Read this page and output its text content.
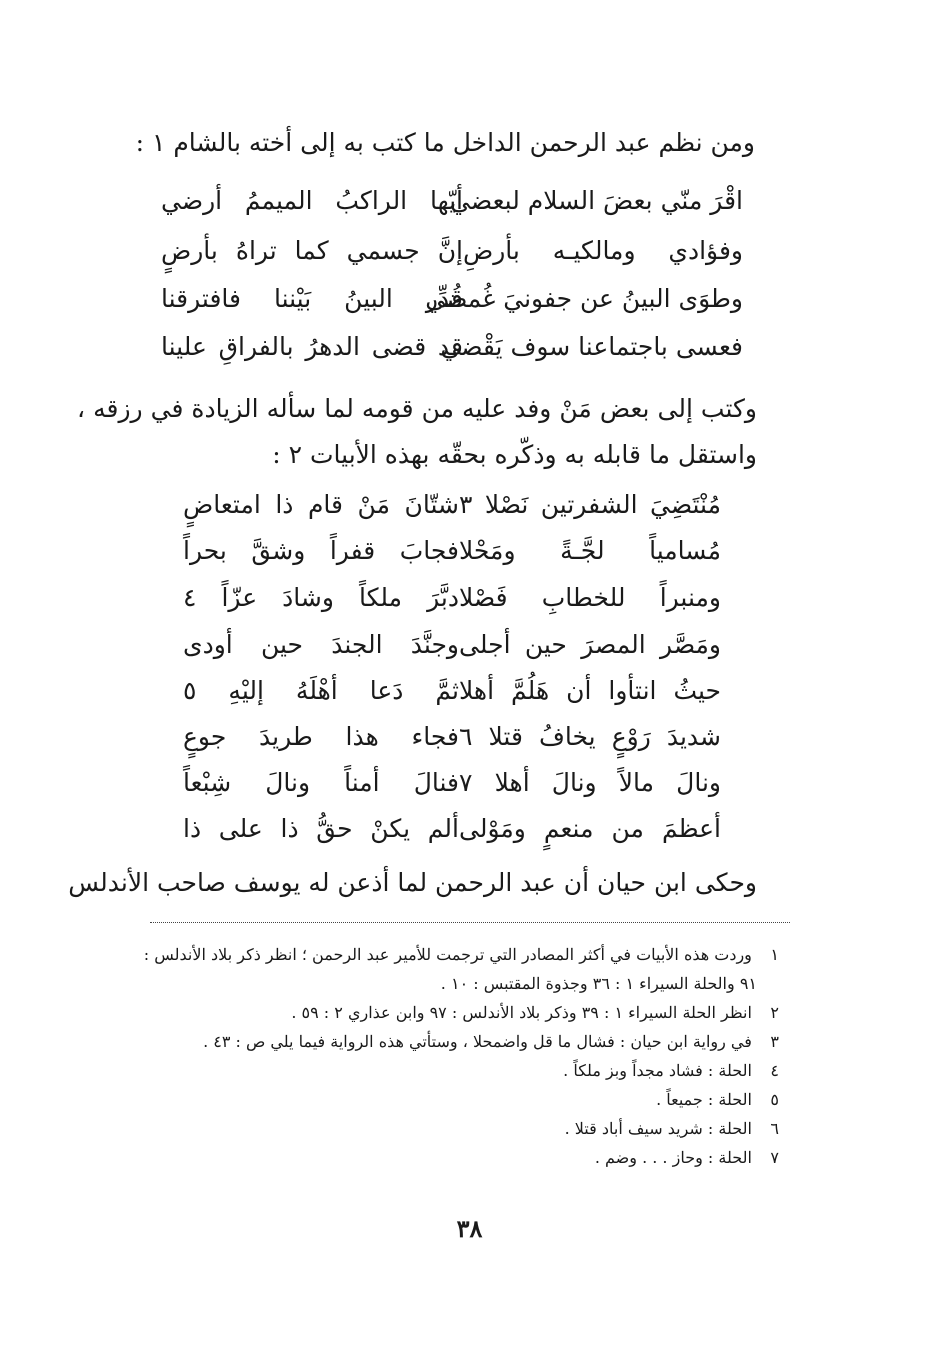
ومن نظم عبد الرحمن الداخل ما كتب به إلى أخته بالشام ١ :
أيّها الراكبُ الميممُ أرضي
اقْرَ منّي بعضَ السلام لبعضي
إنَّ جسمي كما تراهُ بأرضٍ وفؤادي ومالكيـه بأرضِ
قُدِّر البينُ بَيْننا فافترقنا
وطوَى البينُ عن جفونيَ غُمضي
قد قضى الدهرُ بالفراقِ علينا
فعسى باجتماعنا سوف يَقْضي
وكتب إلى بعض مَنْ وفد عليه من قومه لما سأله الزيادة في رزقه ، واستقل ما قابله به وذكّره بحقّه بهذه الأبيات ٢ :
شتّانَ مَنْ قام ذا امتعاضٍ مُنْتَضِيَ الشفرتين نَصْلا ٣
فجابَ قفراً وشقَّ بحراً مُسامياً لجَّـةً ومَحْلا
دبَّرَ ملكاً وشادَ عزّاً ٤ ومنبراً للخطابِ فَصْلا
وجنَّدَ الجندَ حين أودى ومَصَّر المصرَ حين أجلى
ثمَّ دَعا أهْلَهُ إليْهِ ٥ حيثُ انتأوا أن هَلُمَّ أهلا
فجاء هذا طريدَ جوعٍ شديدَ رَوْعٍ يخافُ قتلا ٦
فنالَ أمناً ونالَ شِبْعاً ونالَ مالاً ونالَ أهلا ٧
ألم يكنْ حقُّ ذا على ذا أعظمَ من منعمٍ ومَوْلى
وحكى ابن حيان أن عبد الرحمن لما أذعن له يوسف صاحب الأندلس
١ وردت هذه الأبيات في أكثر المصادر التي ترجمت للأمير عبد الرحمن ؛ انظر ذكر بلاد الأندلس :
٩١ والحلة السيراء ١ : ٣٦ وجذوة المقتبس : ١٠ .
٢ انظر الحلة السيراء ١ : ٣٩ وذكر بلاد الأندلس : ٩٧ وابن عذاري ٢ : ٥٩ .
٣ في رواية ابن حيان : فشال ما قل واضمحلا ، وستأتي هذه الرواية فيما يلي ص : ٤٣ .
٤ الحلة : فشاد مجداً وبز ملكاً .
٥ الحلة : جميعاً .
٦ الحلة : شريد سيف أباد قتلا .
٧ الحلة : وحاز . . . وضم .
٣٨
